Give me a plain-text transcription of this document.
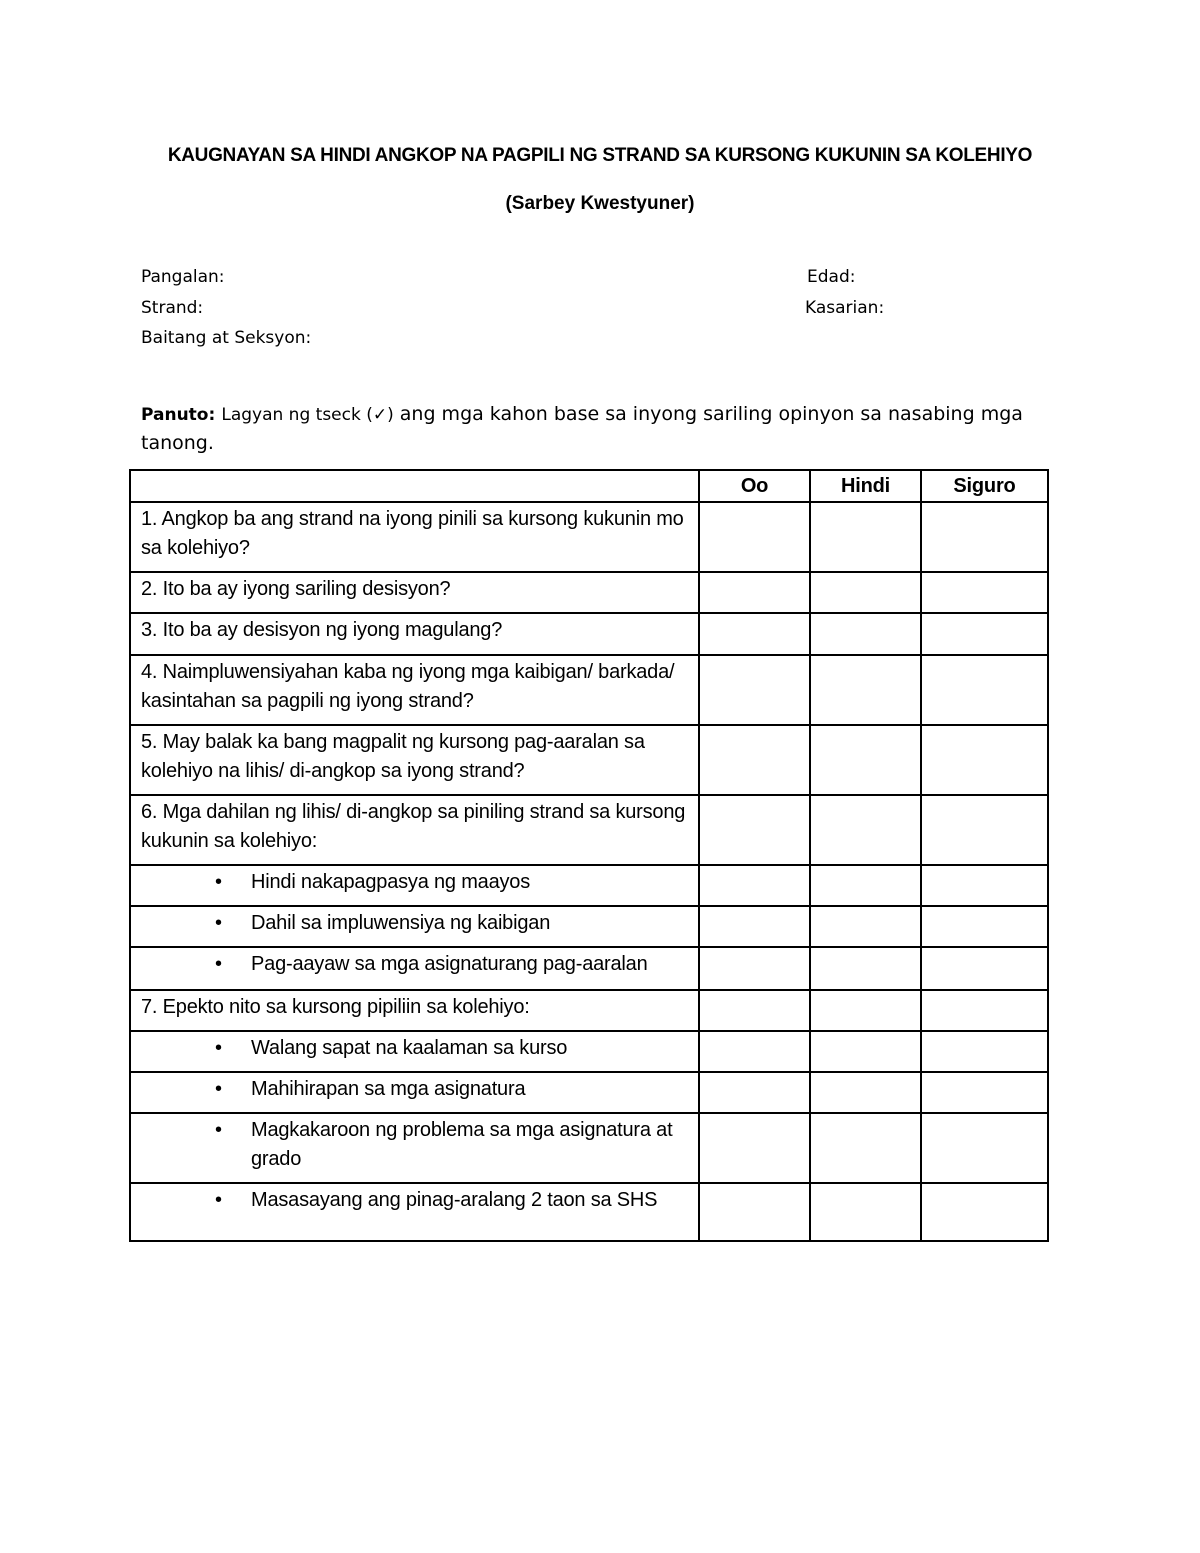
KAUGNAYAN SA HINDI ANGKOP NA PAGPILI NG STRAND SA KURSONG KUKUNIN SA KOLEHIYO
(Sarbey Kwestyuner)
Pangalan:	Edad:
Strand:	Kasarian:
Baitang at Seksyon:
Panuto: Lagyan ng tseck (✓) ang mga kahon base sa inyong sariling opinyon sa nasabing mga tanong.
	Oo	Hindi	Siguro
1. Angkop ba ang strand na iyong pinili sa kursong kukunin mo sa kolehiyo?			
2. Ito ba ay iyong sariling desisyon?			
3. Ito ba ay desisyon ng iyong magulang?			
4. Naimpluwensiyahan kaba ng iyong mga kaibigan/ barkada/ kasintahan sa pagpili ng iyong strand?			
5. May balak ka bang magpalit ng kursong pag-aaralan sa kolehiyo na lihis/ di-angkop sa iyong strand?			
6. Mga dahilan ng lihis/ di-angkop sa piniling strand sa kursong kukunin sa kolehiyo:			

• Hindi nakapagpasya ng maayos			

• Dahil sa impluwensiya ng kaibigan			

• Pag-aayaw sa mga asignaturang pag-aaralan			

7. Epekto nito sa kursong pipiliin sa kolehiyo:			

• Walang sapat na kaalaman sa kurso			

• Mahihirapan sa mga asignatura			

• Magkakaroon ng problema sa mga asignatura at grado			

• Masasayang ang pinag-aralang 2 taon sa SHS			
